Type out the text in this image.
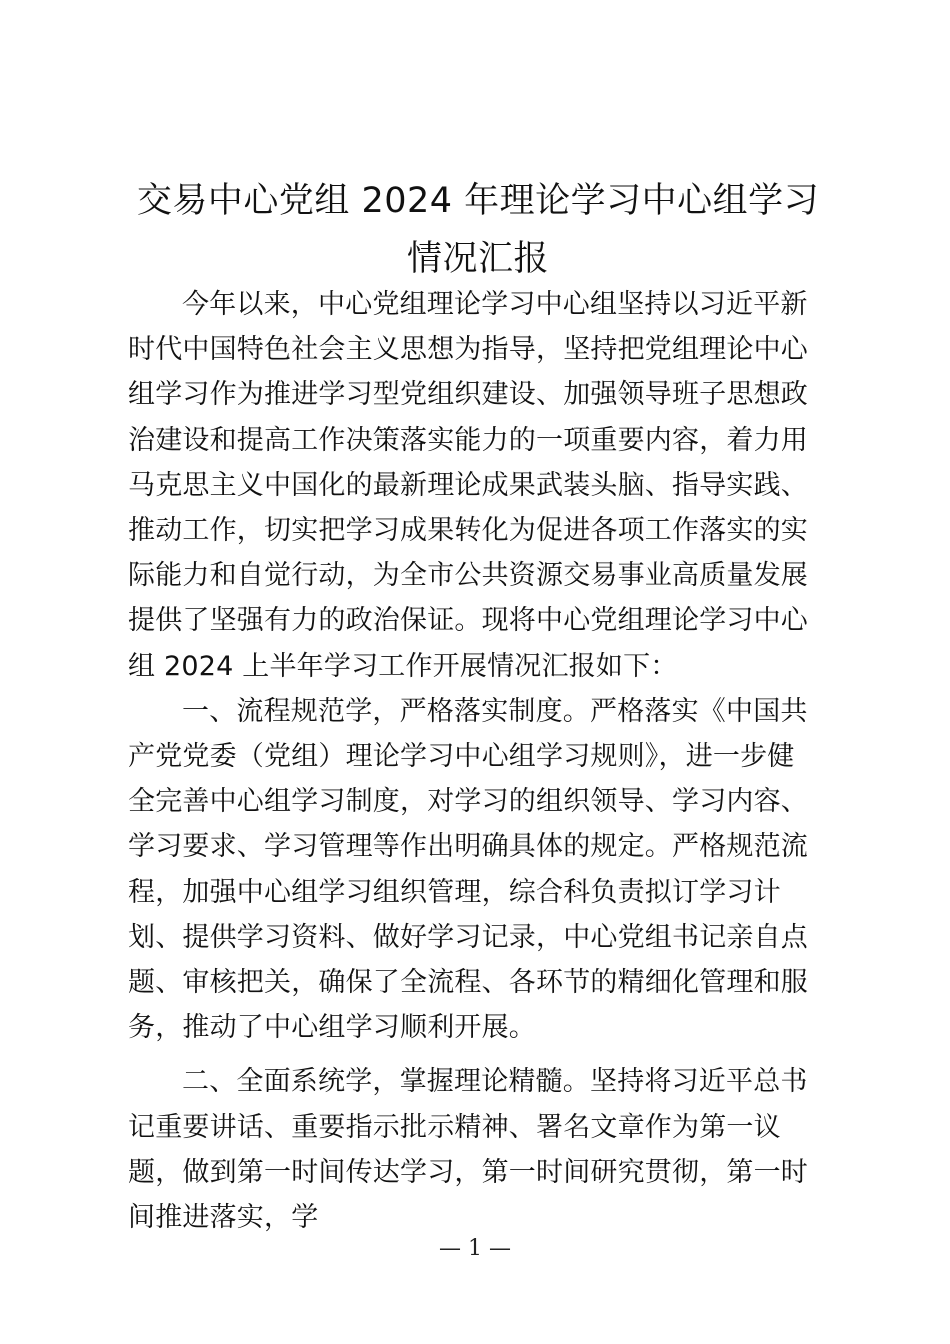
交易中心党组 2024 年理论学习中心组学习情况汇报

今年以来，中心党组理论学习中心组坚持以习近平新时代中国特色社会主义思想为指导，坚持把党组理论中心组学习作为推进学习型党组织建设、加强领导班子思想政治建设和提高工作决策落实能力的一项重要内容，着力用马克思主义中国化的最新理论成果武装头脑、指导实践、推动工作，切实把学习成果转化为促进各项工作落实的实际能力和自觉行动，为全市公共资源交易事业高质量发展提供了坚强有力的政治保证。现将中心党组理论学习中心组 2024 上半年学习工作开展情况汇报如下：

一、流程规范学，严格落实制度。严格落实《中国共产党党委（党组）理论学习中心组学习规则》，进一步健全完善中心组学习制度，对学习的组织领导、学习内容、学习要求、学习管理等作出明确具体的规定。严格规范流程，加强中心组学习组织管理，综合科负责拟订学习计划、提供学习资料、做好学习记录，中心党组书记亲自点题、审核把关，确保了全流程、各环节的精细化管理和服务，推动了中心组学习顺利开展。

二、全面系统学，掌握理论精髓。坚持将习近平总书记重要讲话、重要指示批示精神、署名文章作为第一议题，做到第一时间传达学习，第一时间研究贯彻，第一时间推进落实，学

— 1 —
